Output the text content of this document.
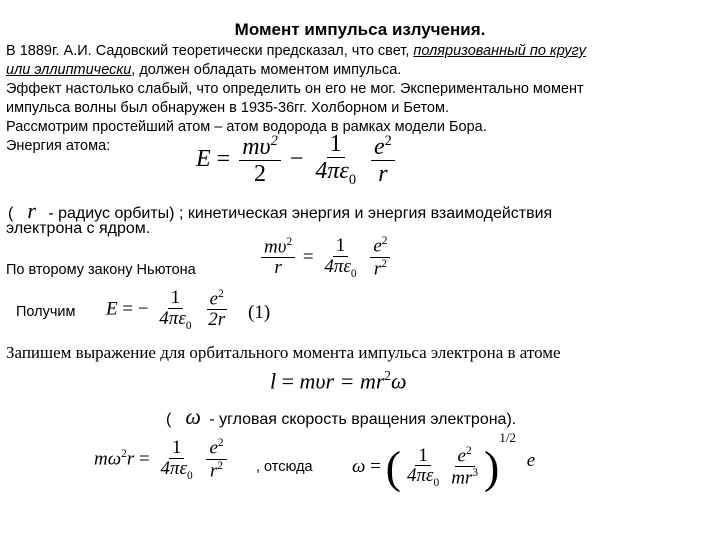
Момент импульса излучения.
В 1889г. А.И. Садовский теоретически предсказал, что свет, поляризованный по кругу
или эллиптически, должен обладать моментом импульса.
Эффект настолько слабый, что определить он его не мог. Экспериментально момент
импульса волны был обнаружен в 1935-36гг. Холборном и Бетом.
Рассмотрим простейший атом – атом водорода в рамках модели Бора.
Энергия атома:	$E = \frac{m\upsilon^2}{2} - \frac{1}{4\pi\varepsilon_0}$
$\frac{e^2}{r}$
( r - радиус орбиты) ; кинетическая энергия и энергия взаимодействия
электрона с ядром.
По второму закону Ньютона	$\frac{m\upsilon^2}{r} = \frac{1}{4\pi\varepsilon_0}$
$\frac{e^2}{r^2}$
Получим E = − $\frac{1}{4\pi\varepsilon_0}$
$\frac{e^2}{2r} (1)$
Запишем выражение для орбитального момента импульса электрона в атоме
$l = m\upsilon r = mr^2\omega$
( ω - угловая скорость вращения электрона).
$m\omega^2r = \frac{1}{4\pi\varepsilon_0}$
$\frac{e^2}{r^2}$ , отсюда ω = ( $\frac{1}{4\pi\varepsilon_0} \frac{e^2}{mr^3} )^{1/2}$ e
